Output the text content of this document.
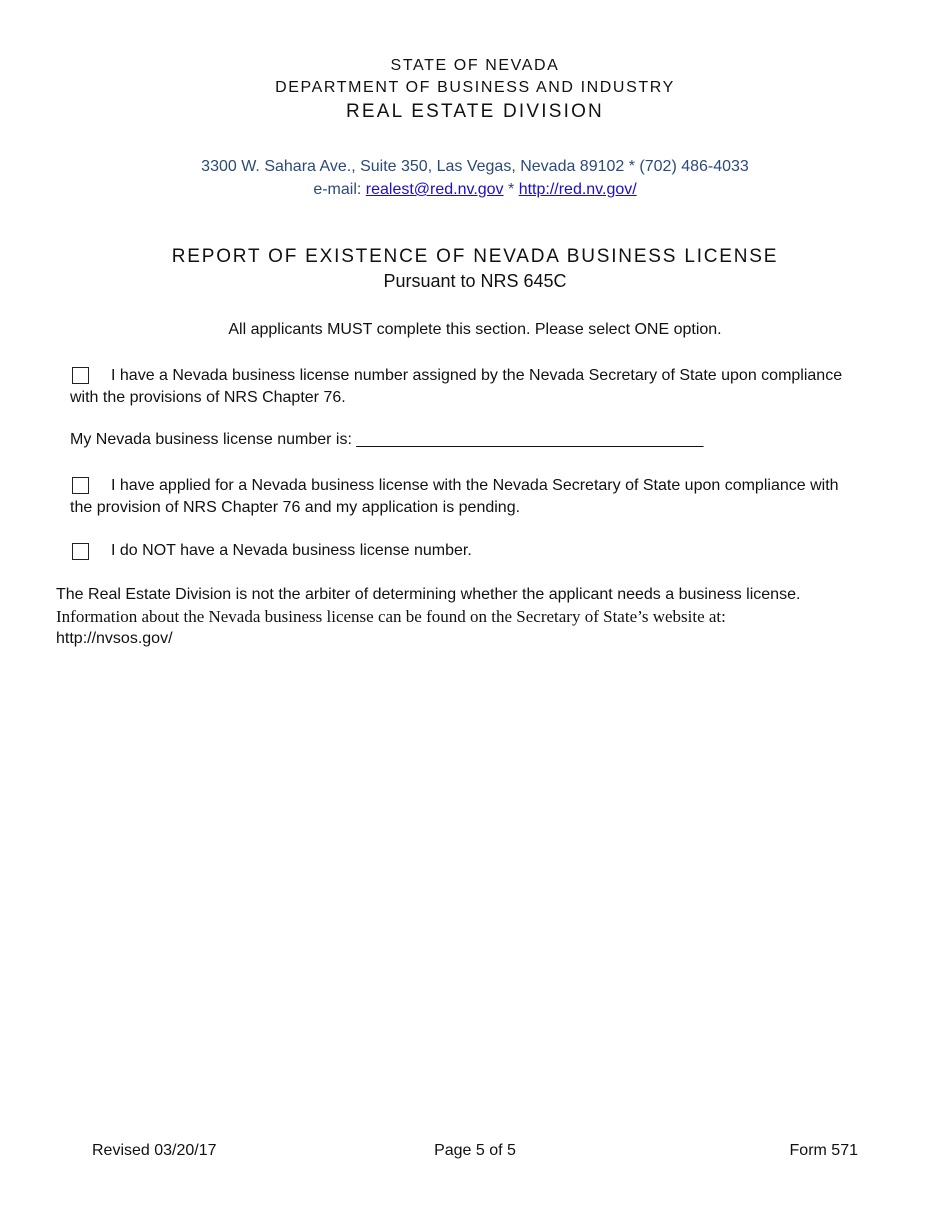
STATE OF NEVADA
DEPARTMENT OF BUSINESS AND INDUSTRY
REAL ESTATE DIVISION
3300 W. Sahara Ave., Suite 350, Las Vegas, Nevada 89102 * (702) 486-4033
e-mail: realest@red.nv.gov * http://red.nv.gov/
REPORT OF EXISTENCE OF NEVADA BUSINESS LICENSE
Pursuant to NRS 645C
All applicants MUST complete this section. Please select ONE option.
I have a Nevada business license number assigned by the Nevada Secretary of State upon compliance
with the provisions of NRS Chapter 76.
My Nevada business license number is: _______________________________________
I have applied for a Nevada business license with the Nevada Secretary of State upon compliance with
the provision of NRS Chapter 76 and my application is pending.
I do NOT have a Nevada business license number.
The Real Estate Division is not the arbiter of determining whether the applicant needs a business license.
Information about the Nevada business license can be found on the Secretary of State’s website at:
http://nvsos.gov/
Revised 03/20/17	Page 5 of 5	Form 571
